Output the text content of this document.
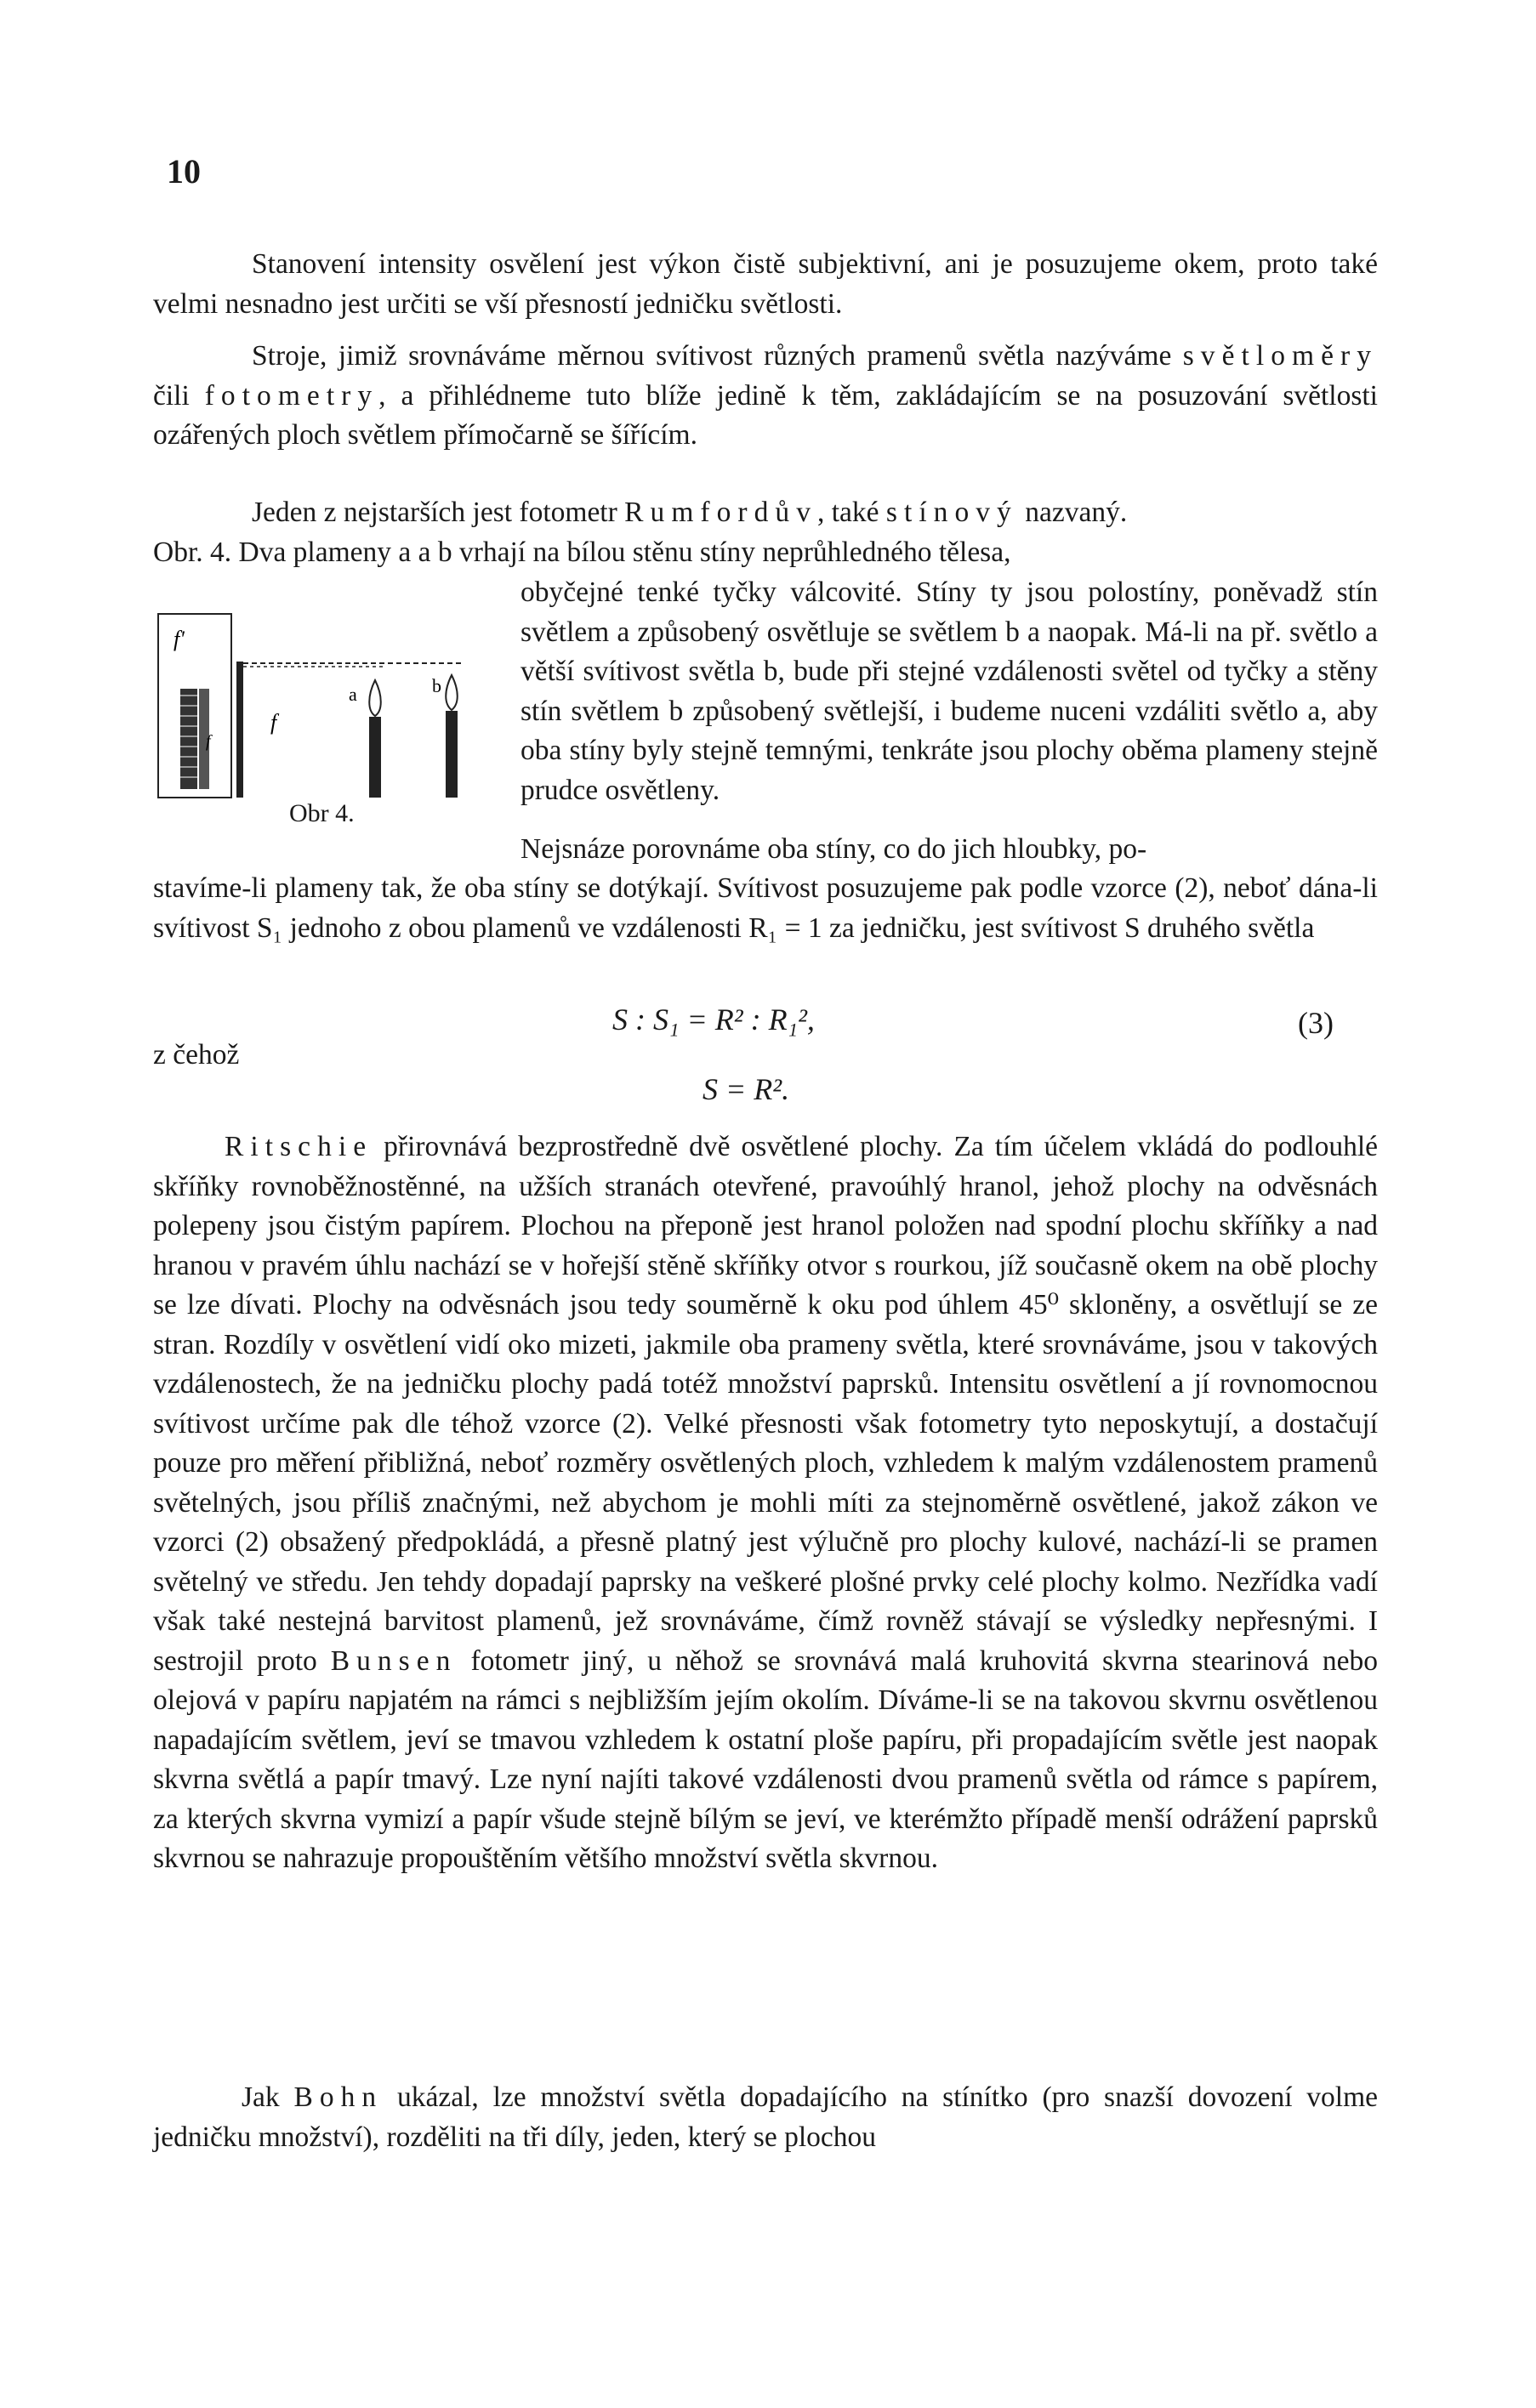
10

Stanovení intensity osvělení jest výkon čistě subjektivní, ani je posuzujeme okem, proto také velmi nesnadno jest určiti se vší přesností jedničku světlosti.

Stroje, jimiž srovnáváme měrnou svítivost různých pramenů světla nazýváme světloměry čili fotometry, a přihlédneme tuto blíže jedině k těm, zakládajícím se na posuzování světlosti ozářených ploch světlem přímočarně se šířícím.

Jeden z nejstarších jest fotometr Rumfordův, také stínový nazvaný.

Obr. 4. Dva plameny a a b vrhají na bílou stěnu stíny neprůhledného tělesa,

f'
f
f
a	b
Obr 4.

obyčejné tenké tyčky válcovité. Stíny ty jsou polostíny, poněvadž stín světlem a způsobený osvětluje se světlem b a naopak. Má-li na př. světlo a větší svítivost světla b, bude při stejné vzdálenosti světel od tyčky a stěny stín světlem b způsobený světlejší, i budeme nuceni vzdáliti světlo a, aby oba stíny byly stejně temnými, tenkráte jsou plochy oběma plameny stejně prudce osvětleny.

Nejsnáze porovnáme oba stíny, co do jich hloubky, po-

stavíme-li plameny tak, že oba stíny se dotýkají. Svítivost posuzujeme pak podle vzorce (2), neboť dána-li svítivost S₁ jednoho z obou plamenů ve vzdálenosti R₁ = 1 za jedničku, jest svítivost S druhého světla

S : S₁ = R² : R₁²,	(3)
z čehož
S = R².

Ritschie přirovnává bezprostředně dvě osvětlené plochy. Za tím účelem vkládá do podlouhlé skříňky rovnoběžnostěnné, na užších stranách otevřené, pravoúhlý hranol, jehož plochy na odvěsnách polepeny jsou čistým papírem. Plochou na přeponě jest hranol položen nad spodní plochu skříňky a nad hranou v pravém úhlu nachází se v hořejší stěně skříňky otvor s rourkou, jíž současně okem na obě plochy se lze dívati. Plochy na odvěsnách jsou tedy souměrně k oku pod úhlem 45⁰ skloněny, a osvětlují se ze stran. Rozdíly v osvětlení vidí oko mizeti, jakmile oba prameny světla, které srovnáváme, jsou v takových vzdálenostech, že na jedničku plochy padá totéž množství paprsků. Intensitu osvětlení a jí rovnomocnou svítivost určíme pak dle téhož vzorce (2). Velké přesnosti však fotometry tyto neposkytují, a dostačují pouze pro měření přibližná, neboť rozměry osvětlených ploch, vzhledem k malým vzdálenostem pramenů světelných, jsou příliš značnými, než abychom je mohli míti za stejnoměrně osvětlené, jakož zákon ve vzorci (2) obsažený předpokládá, a přesně platný jest výlučně pro plochy kulové, nachází-li se pramen světelný ve středu. Jen tehdy dopadají paprsky na veškeré plošné prvky celé plochy kolmo. Nezřídka vadí však také nestejná barvitost plamenů, jež srovnáváme, čímž rovněž stávají se výsledky nepřesnými. I sestrojil proto Bunsen fotometr jiný, u něhož se srovnává malá kruhovitá skvrna stearinová nebo olejová v papíru napjatém na rámci s nejbližším jejím okolím. Díváme-li se na takovou skvrnu osvětlenou napadajícím světlem, jeví se tmavou vzhledem k ostatní ploše papíru, při propadajícím světle jest naopak skvrna světlá a papír tmavý. Lze nyní najíti takové vzdálenosti dvou pramenů světla od rámce s papírem, za kterých skvrna vymizí a papír všude stejně bílým se jeví, ve kterémžto případě menší odrážení paprsků skvrnou se nahrazuje propouštěním většího množství světla skvrnou.

Jak Bohn ukázal, lze množství světla dopadajícího na stínítko (pro snazší dovození volme jedničku množství), rozděliti na tři díly, jeden, který se plochou
